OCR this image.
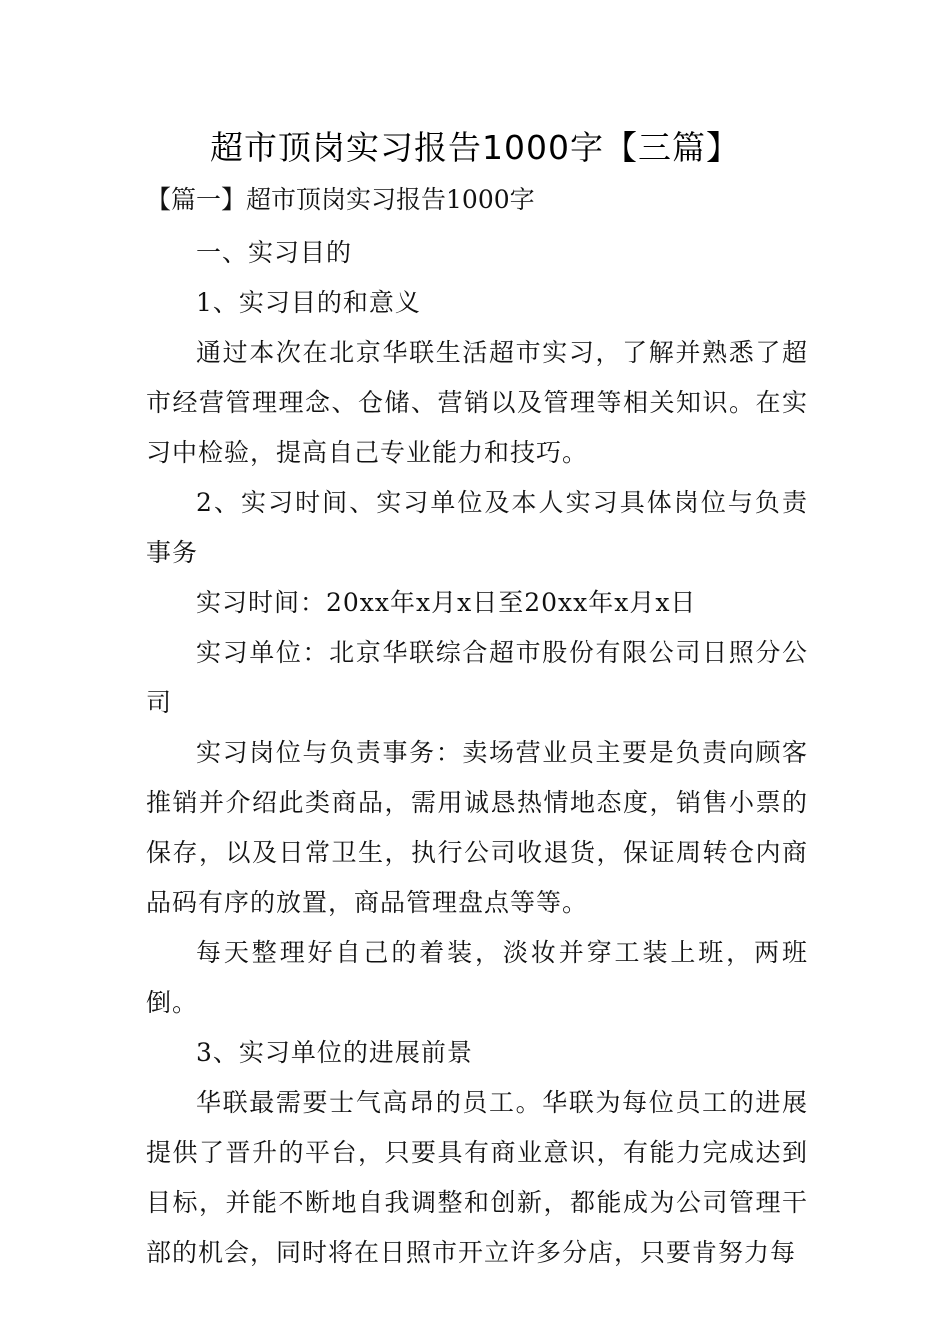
超市顶岗实习报告1000字【三篇】
【篇一】超市顶岗实习报告1000字

一、实习目的

1、实习目的和意义

通过本次在北京华联生活超市实习，了解并熟悉了超市经营管理理念、仓储、营销以及管理等相关知识。在实习中检验，提高自己专业能力和技巧。

2、实习时间、实习单位及本人实习具体岗位与负责事务

实习时间：20xx年x月x日至20xx年x月x日

实习单位：北京华联综合超市股份有限公司日照分公司

实习岗位与负责事务：卖场营业员主要是负责向顾客推销并介绍此类商品，需用诚恳热情地态度，销售小票的保存，以及日常卫生，执行公司收退货，保证周转仓内商品码有序的放置，商品管理盘点等等。

每天整理好自己的着装，淡妆并穿工装上班，两班倒。

3、实习单位的进展前景

华联最需要士气高昂的员工。华联为每位员工的进展提供了晋升的平台，只要具有商业意识，有能力完成达到目标，并能不断地自我调整和创新，都能成为公司管理干部的机会，同时将在日照市开立许多分店，只要肯努力每
